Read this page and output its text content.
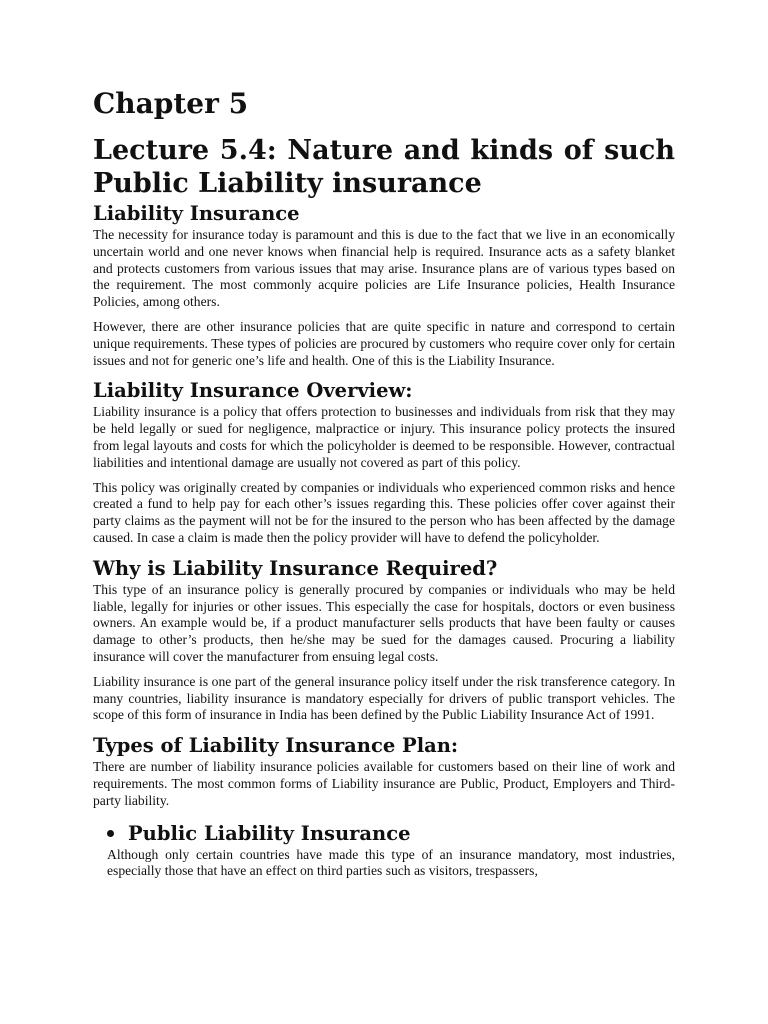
Chapter 5
Lecture 5.4: Nature and kinds of such Public Liability insurance
Liability Insurance

The necessity for insurance today is paramount and this is due to the fact that we live in an economically uncertain world and one never knows when financial help is required. Insurance acts as a safety blanket and protects customers from various issues that may arise. Insurance plans are of various types based on the requirement. The most commonly acquire policies are Life Insurance policies, Health Insurance Policies, among others.

However, there are other insurance policies that are quite specific in nature and correspond to certain unique requirements. These types of policies are procured by customers who require cover only for certain issues and not for generic one’s life and health. One of this is the Liability Insurance.

Liability Insurance Overview:

Liability insurance is a policy that offers protection to businesses and individuals from risk that they may be held legally or sued for negligence, malpractice or injury. This insurance policy protects the insured from legal layouts and costs for which the policyholder is deemed to be responsible. However, contractual liabilities and intentional damage are usually not covered as part of this policy.

This policy was originally created by companies or individuals who experienced common risks and hence created a fund to help pay for each other’s issues regarding this. These policies offer cover against their party claims as the payment will not be for the insured to the person who has been affected by the damage caused. In case a claim is made then the policy provider will have to defend the policyholder.

Why is Liability Insurance Required?

This type of an insurance policy is generally procured by companies or individuals who may be held liable, legally for injuries or other issues. This especially the case for hospitals, doctors or even business owners. An example would be, if a product manufacturer sells products that have been faulty or causes damage to other’s products, then he/she may be sued for the damages caused. Procuring a liability insurance will cover the manufacturer from ensuing legal costs.

Liability insurance is one part of the general insurance policy itself under the risk transference category. In many countries, liability insurance is mandatory especially for drivers of public transport vehicles. The scope of this form of insurance in India has been defined by the Public Liability Insurance Act of 1991.

Types of Liability Insurance Plan:

There are number of liability insurance policies available for customers based on their line of work and requirements. The most common forms of Liability insurance are Public, Product, Employers and Third-party liability.

Public Liability Insurance

Although only certain countries have made this type of an insurance mandatory, most industries, especially those that have an effect on third parties such as visitors, trespassers,
